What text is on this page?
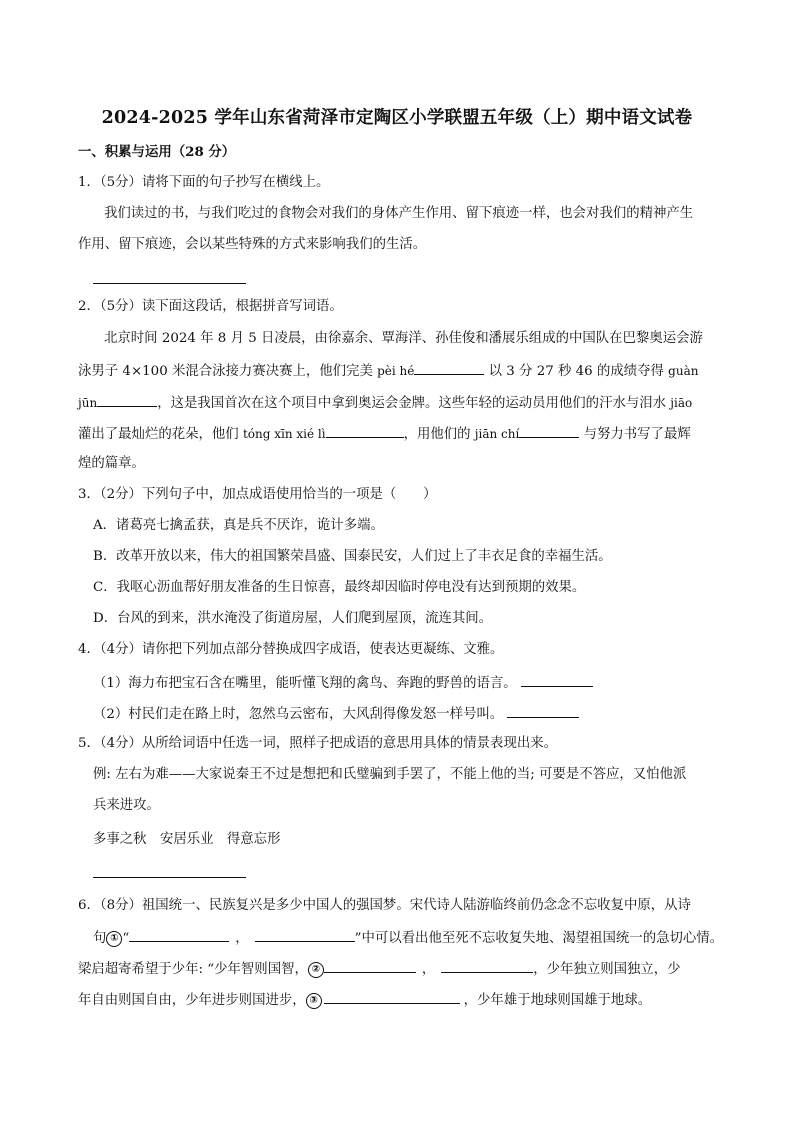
2024-2025 学年山东省菏泽市定陶区小学联盟五年级（上）期中语文试卷
一、积累与运用（28 分）
1．（5分）请将下面的句子抄写在横线上。
我们读过的书，与我们吃过的食物会对我们的身体产生作用、留下痕迹一样，也会对我们的精神产生
作用、留下痕迹，会以某些特殊的方式来影响我们的生活。
2．（5分）读下面这段话，根据拼音写词语。
北京时间 2024 年 8 月 5 日凌晨，由徐嘉余、覃海洋、孙佳俊和潘展乐组成的中国队在巴黎奥运会游
泳男子 4×100 米混合泳接力赛决赛上，他们完美 pèi hé	以 3 分 27 秒 46 的成绩夺得 guàn
jūn	，这是我国首次在这个项目中拿到奥运会金牌。这些年轻的运动员用他们的汗水与泪水 jiāo
灌出了最灿烂的花朵，他们 tóng xīn xié lì	，用他们的 jiān chí	与努力书写了最辉
煌的篇章。
3．（2分）下列句子中，加点成语使用恰当的一项是（　　）
A．诸葛亮七擒孟获，真是兵不厌诈，诡计多端。
B．改革开放以来，伟大的祖国繁荣昌盛、国泰民安，人们过上了丰衣足食的幸福生活。
C．我呕心沥血帮好朋友准备的生日惊喜，最终却因临时停电没有达到预期的效果。
D．台风的到来，洪水淹没了街道房屋，人们爬到屋顶，流连其间。
4．（4分）请你把下列加点部分替换成四字成语，使表达更凝练、文雅。
（1）海力布把宝石含在嘴里，能听懂飞翔的禽鸟、奔跑的野兽的语言。
（2）村民们走在路上时，忽然乌云密布，大风刮得像发怒一样号叫。
5．（4分）从所给词语中任选一词，照样子把成语的意思用具体的情景表现出来。
例: 左右为难——大家说秦王不过是想把和氏璧骗到手罢了，不能上他的当; 可要是不答应，又怕他派
兵来进攻。
多事之秋　安居乐业　得意忘形
6．（8分）祖国统一、民族复兴是多少中国人的强国梦。宋代诗人陆游临终前仍念念不忘收复中原，从诗
句 ① “	，	”中可以看出他至死不忘收复失地、渴望祖国统一的急切心情。
梁启超寄希望于少年: “少年智则国智， ②	，	，少年独立则国独立，少
年自由则国自由，少年进步则国进步， ③	，少年雄于地球则国雄于地球。
